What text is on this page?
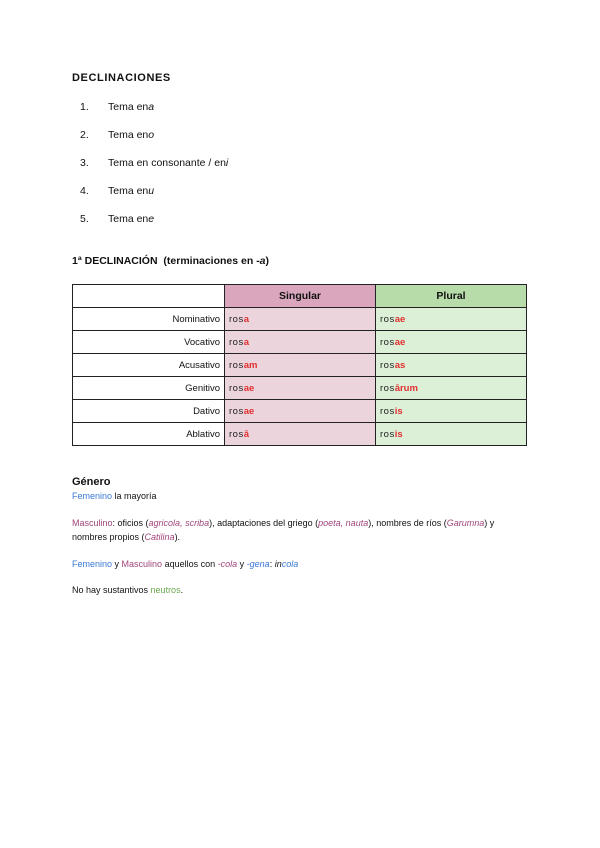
DECLINACIONES
1.	Tema en a
2.	Tema en o
3.	Tema en consonante / en i
4.	Tema en u
5.	Tema en e
1ª DECLINACIÓN (terminaciones en -a)
	Singular	Plural
Nominativo	rosa	rosae
Vocativo	rosa	rosae
Acusativo	rosam	rosas
Genitivo	rosae	rosārum
Dativo	rosae	rosis
Ablativo	rosā	rosis
Género
Femenino la mayoría
Masculino: oficios (agricola, scriba), adaptaciones del griego (poeta, nauta), nombres de ríos (Garumna) y nombres propios (Catilina).
Femenino y Masculino aquellos con -cola y -gena: incola
No hay sustantivos neutros.
